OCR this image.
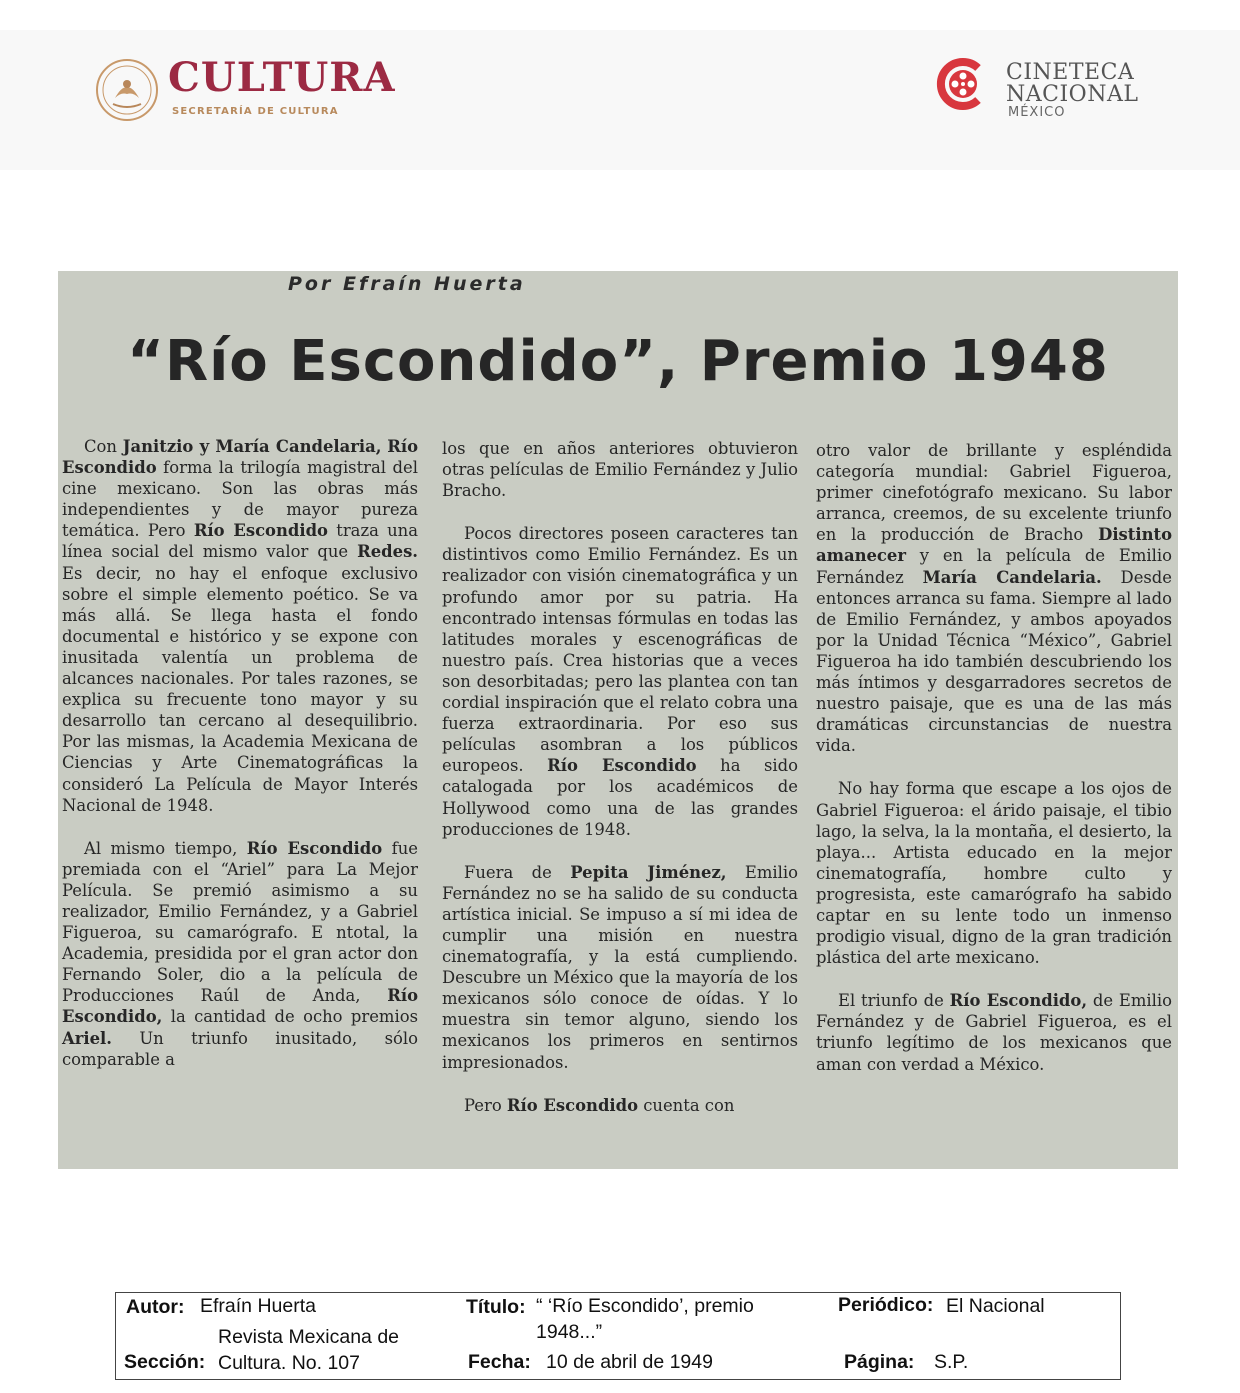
CULTURA
SECRETARÍA DE CULTURA
CINETECA
NACIONAL
MÉXICO
Por Efraín Huerta
“Río Escondido”, Premio 1948

Con Janitzio y María Candelaria, Río Escondido forma la trilogía magistral del cine mexicano. Son las obras más independientes y de mayor pureza temática. Pero Río Escondido traza una línea social del mismo valor que Redes. Es decir, no hay el enfoque exclusivo sobre el simple elemento poético. Se va más allá. Se llega hasta el fondo documental e histórico y se expone con inusitada valentía un problema de alcances nacionales. Por tales razones, se explica su frecuente tono mayor y su desarrollo tan cercano al desequilibrio. Por las mismas, la Academia Mexicana de Ciencias y Arte Cinematográficas la consideró La Película de Mayor Interés Nacional de 1948.

Al mismo tiempo, Río Escondido fue premiada con el “Ariel” para La Mejor Película. Se premió asimismo a su realizador, Emilio Fernández, y a Gabriel Figueroa, su camarógrafo. E ntotal, la Academia, presidida por el gran actor don Fernando Soler, dio a la película de Producciones Raúl de Anda, Río Escondido, la cantidad de ocho premios Ariel. Un triunfo inusitado, sólo comparable a

los que en años anteriores obtuvieron otras películas de Emilio Fernández y Julio Bracho.

Pocos directores poseen caracteres tan distintivos como Emilio Fernández. Es un realizador con visión cinematográfica y un profundo amor por su patria. Ha encontrado intensas fórmulas en todas las latitudes morales y escenográficas de nuestro país. Crea historias que a veces son desorbitadas; pero las plantea con tan cordial inspiración que el relato cobra una fuerza extraordinaria. Por eso sus películas asombran a los públicos europeos. Río Escondido ha sido catalogada por los académicos de Hollywood como una de las grandes producciones de 1948.

Fuera de Pepita Jiménez, Emilio Fernández no se ha salido de su conducta artística inicial. Se impuso a sí mi idea de cumplir una misión en nuestra cinematografía, y la está cumpliendo. Descubre un México que la mayoría de los mexicanos sólo conoce de oídas. Y lo muestra sin temor alguno, siendo los mexicanos los primeros en sentirnos impresionados.

Pero Río Escondido cuenta con

otro valor de brillante y espléndida categoría mundial: Gabriel Figueroa, primer cinefotógrafo mexicano. Su labor arranca, creemos, de su excelente triunfo en la producción de Bracho Distinto amanecer y en la película de Emilio Fernández María Candelaria. Desde entonces arranca su fama. Siempre al lado de Emilio Fernández, y ambos apoyados por la Unidad Técnica “México”, Gabriel Figueroa ha ido también descubriendo los más íntimos y desgarradores secretos de nuestro paisaje, que es una de las más dramáticas circunstancias de nuestra vida.

No hay forma que escape a los ojos de Gabriel Figueroa: el árido paisaje, el tibio lago, la selva, la la montaña, el desierto, la playa... Artista educado en la mejor cinematografía, hombre culto y progresista, este camarógrafo ha sabido captar en su lente todo un inmenso prodigio visual, digno de la gran tradición plástica del arte mexicano.

El triunfo de Río Escondido, de Emilio Fernández y de Gabriel Figueroa, es el triunfo legítimo de los mexicanos que aman con verdad a México.

Autor: Efraín Huerta	Título: “ ‘Río Escondido’, premio
1948...”
Periódico: El Nacional
Sección:
Revista Mexicana de
Cultura. No. 107	Fecha: 10 de abril de 1949	Página: S.P.
